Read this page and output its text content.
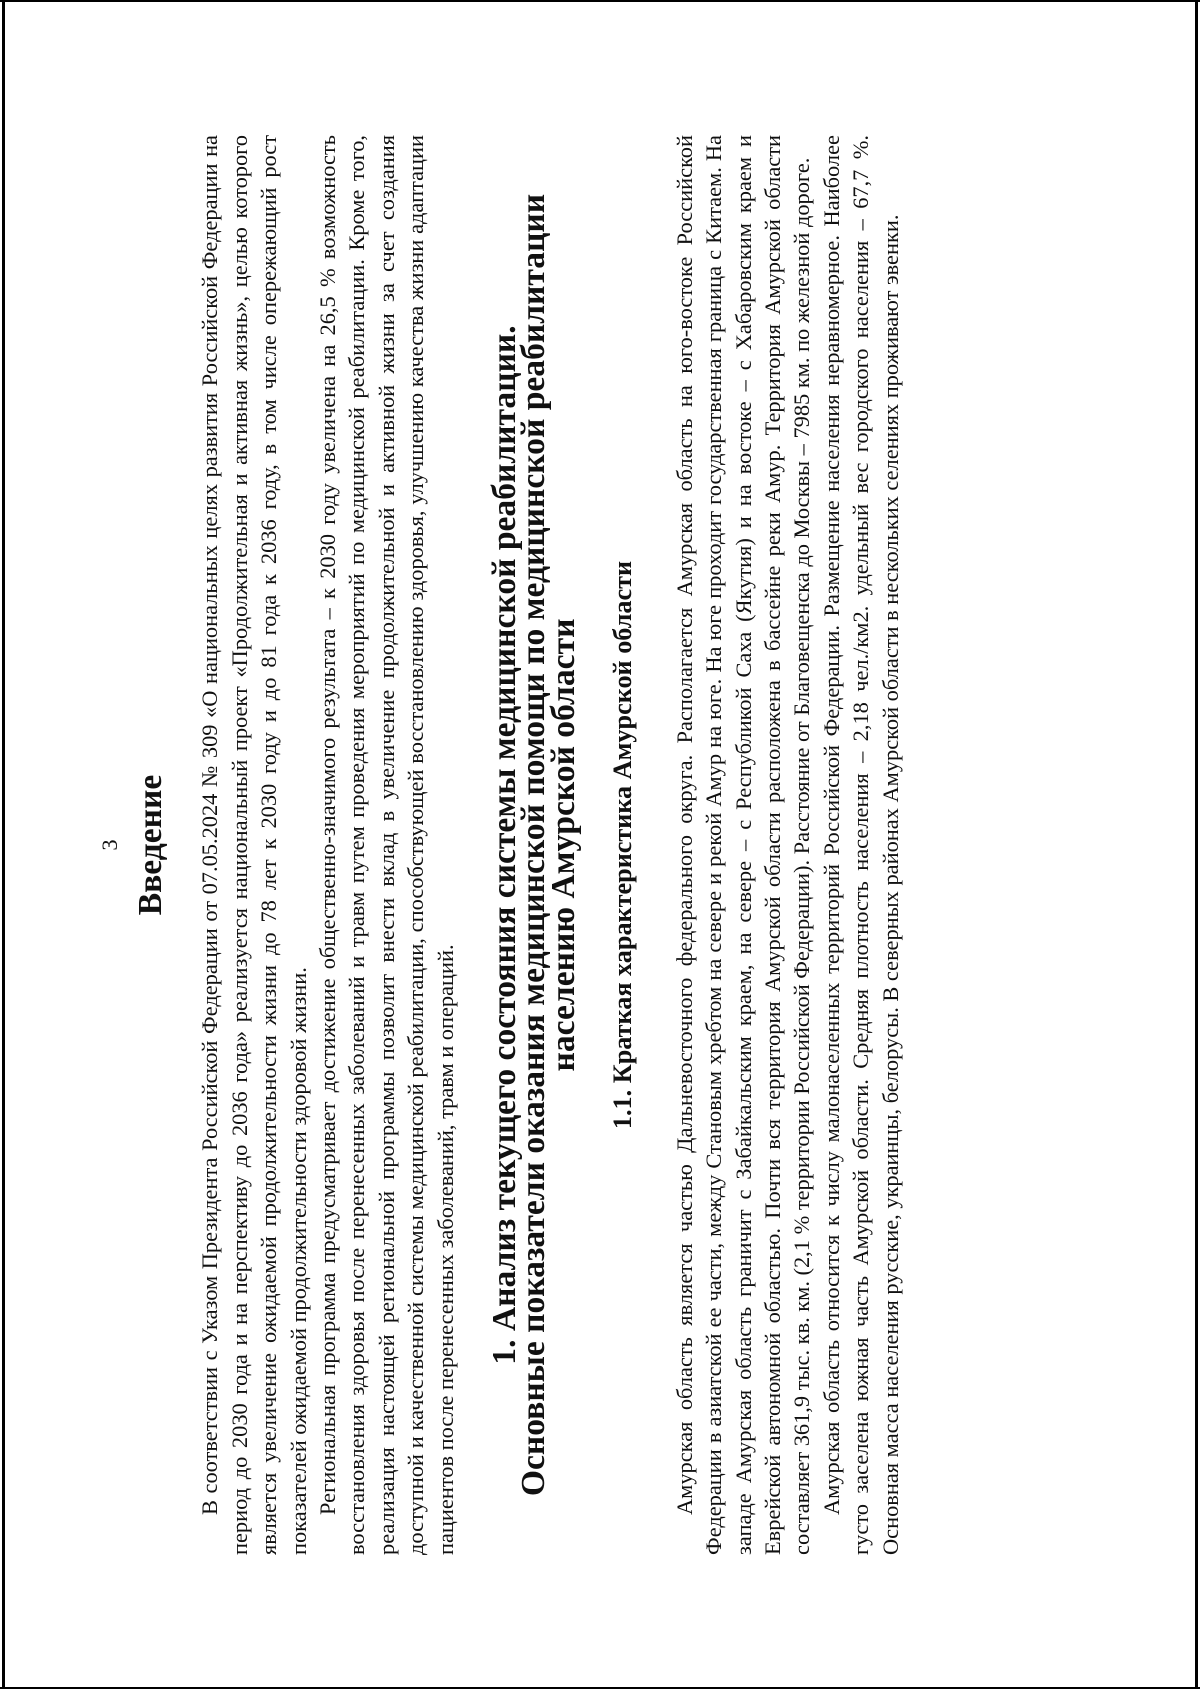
3 Введение В соответствии с Указом Президента Российской Федерации от 07.05.2024 № 309 «О национальных целях развития Российской Федерации на период до 2030 года и на перспективу до 2036 года» реализуется национальный проект «Продолжительная и активная жизнь», целью которого является увеличение ожидаемой продолжительности жизни до 78 лет к 2030 году и до 81 года к 2036 году, в том числе опережающий рост показателей ожидаемой продолжительности здоровой жизни. Региональная программа предусматривает достижение общественно-значимого результата – к 2030 году увеличена на 26,5 % возможность восстановления здоровья после перенесенных заболеваний и травм путем проведения мероприятий по медицинской реабилитации. Кроме того, реализация настоящей региональной программы позволит внести вклад в увеличение продолжительной и активной жизни за счет создания доступной и качественной системы медицинской реабилитации, способствующей восстановлению здоровья, улучшению качества жизни адаптации пациентов после перенесенных заболеваний, травм и операций. 1. Анализ текущего состояния системы медицинской реабилитации.
Основные показатели оказания медицинской помощи по медицинской реабилитации населению Амурской области 1.1. Краткая характеристика Амурской области Амурская область является частью Дальневосточного федерального округа. Располагается Амурская область на юго-востоке Российской Федерации в азиатской ее части, между Становым хребтом на севере и рекой Амур на юге. На юге проходит государственная граница с Китаем. На западе Амурская область граничит с Забайкальским краем, на севере – с Республикой Саха (Якутия) и на востоке – с Хабаровским краем и Еврейской автономной областью. Почти вся территория Амурской области расположена в бассейне реки Амур. Территория Амурской области составляет 361,9 тыс. кв. км. (2,1 % территории Российской Федерации). Расстояние от Благовещенска до Москвы – 7985 км. по железной дороге. Амурская область относится к числу малонаселенных территорий Российской Федерации. Размещение населения неравномерное. Наиболее густо заселена южная часть Амурской области. Средняя плотность населения – 2,18 чел./км2. удельный вес городского населения – 67,7 %. Основная масса населения русские, украинцы, белорусы. В северных районах Амурской области в нескольких селениях проживают эвенки.
